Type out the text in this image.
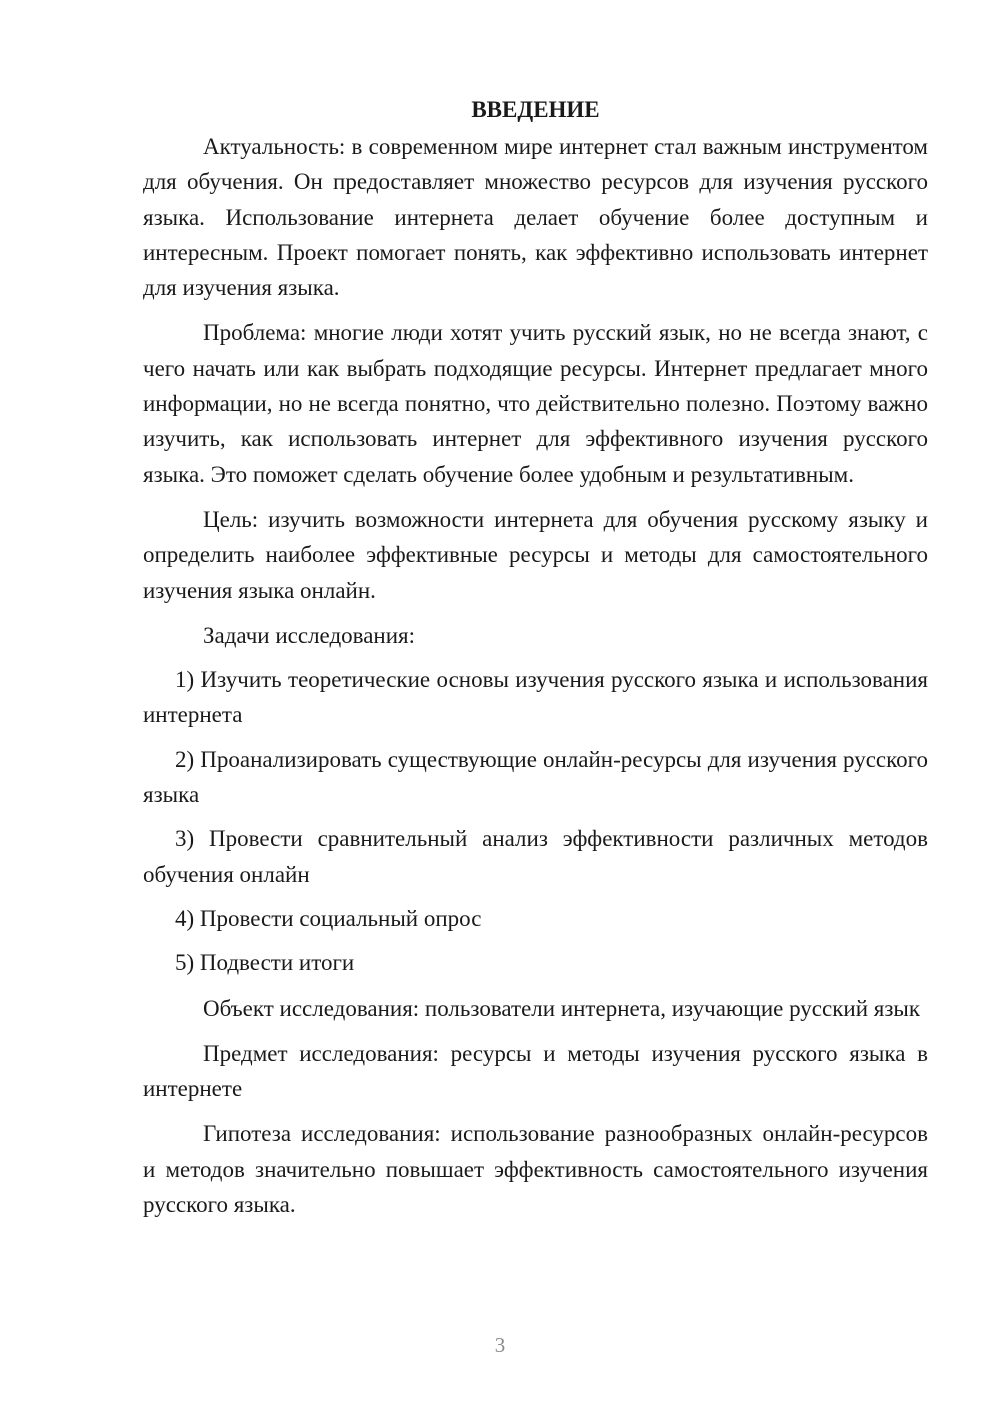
ВВЕДЕНИЕ

Актуальность: в современном мире интернет стал важным инструментом для обучения. Он предоставляет множество ресурсов для изучения русского языка. Использование интернета делает обучение более доступным и интересным. Проект помогает понять, как эффективно использовать интернет для изучения языка.

Проблема: многие люди хотят учить русский язык, но не всегда знают, с чего начать или как выбрать подходящие ресурсы. Интернет предлагает много информации, но не всегда понятно, что действительно полезно. Поэтому важно изучить, как использовать интернет для эффективного изучения русского языка. Это поможет сделать обучение более удобным и результативным.

Цель: изучить возможности интернета для обучения русскому языку и определить наиболее эффективные ресурсы и методы для самостоятельного изучения языка онлайн.

Задачи исследования:

1) Изучить теоретические основы изучения русского языка и использования интернета

2) Проанализировать существующие онлайн-ресурсы для изучения русского языка

3) Провести сравнительный анализ эффективности различных методов обучения онлайн

4) Провести социальный опрос

5) Подвести итоги

Объект исследования: пользователи интернета, изучающие русский язык

Предмет исследования: ресурсы и методы изучения русского языка в интернете

Гипотеза исследования: использование разнообразных онлайн-ресурсов и методов значительно повышает эффективность самостоятельного изучения русского языка.

3
